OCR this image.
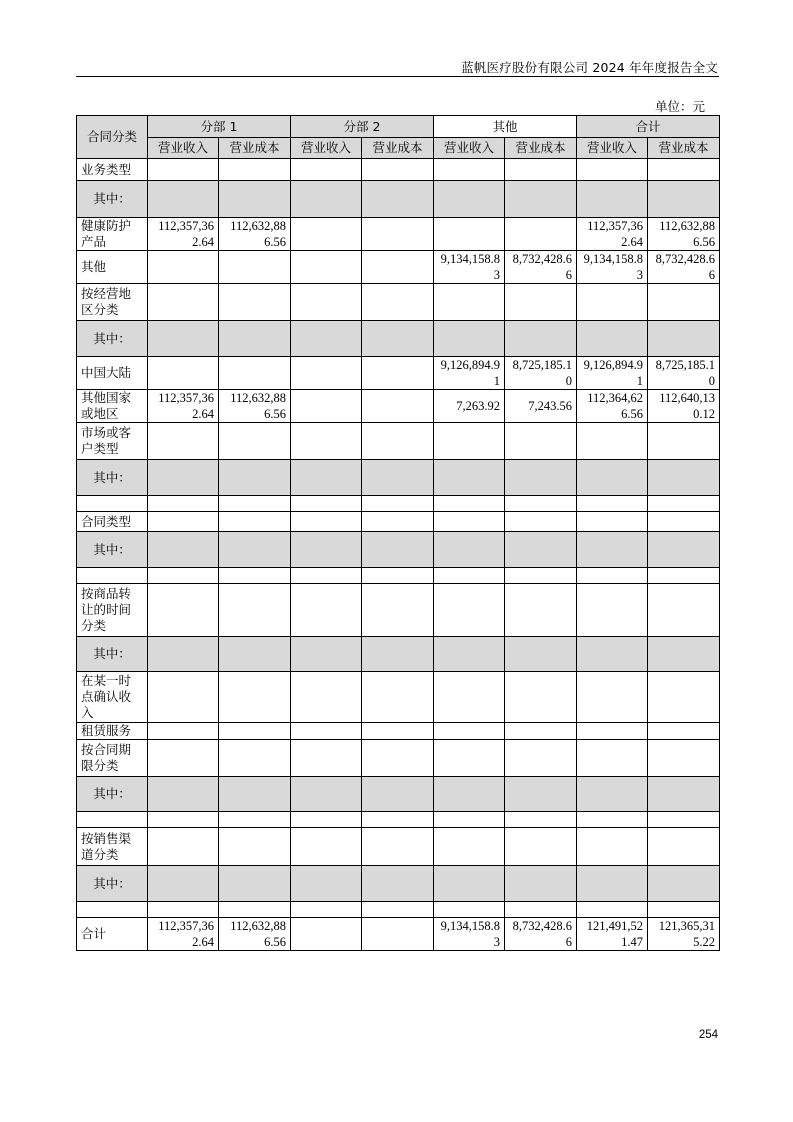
蓝帆医疗股份有限公司 2024 年年度报告全文
单位：元
合同分类	分部 1		分部 2		其他		合计	
	营业收入	营业成本	营业收入	营业成本	营业收入	营业成本	营业收入	营业成本
业务类型								
其中：								
健康防护产品	112,357,362.64	112,632,886.56					112,357,362.64	112,632,886.56
其他					9,134,158.83	8,732,428.66	9,134,158.83	8,732,428.66
按经营地区分类								
其中：								
中国大陆					9,126,894.91	8,725,185.10	9,126,894.91	8,725,185.10
其他国家或地区	112,357,362.64	112,632,886.56			7,263.92	7,243.56	112,364,626.56	112,640,130.12
市场或客户类型								
其中：								

合同类型								
其中：								

按商品转让的时间分类								
其中：								
在某一时点确认收入								
租赁服务								
按合同期限分类								
其中：								

按销售渠道分类								
其中：								

合计	112,357,362.64	112,632,886.56			9,134,158.83	8,732,428.66	121,491,521.47	121,365,315.22
254
